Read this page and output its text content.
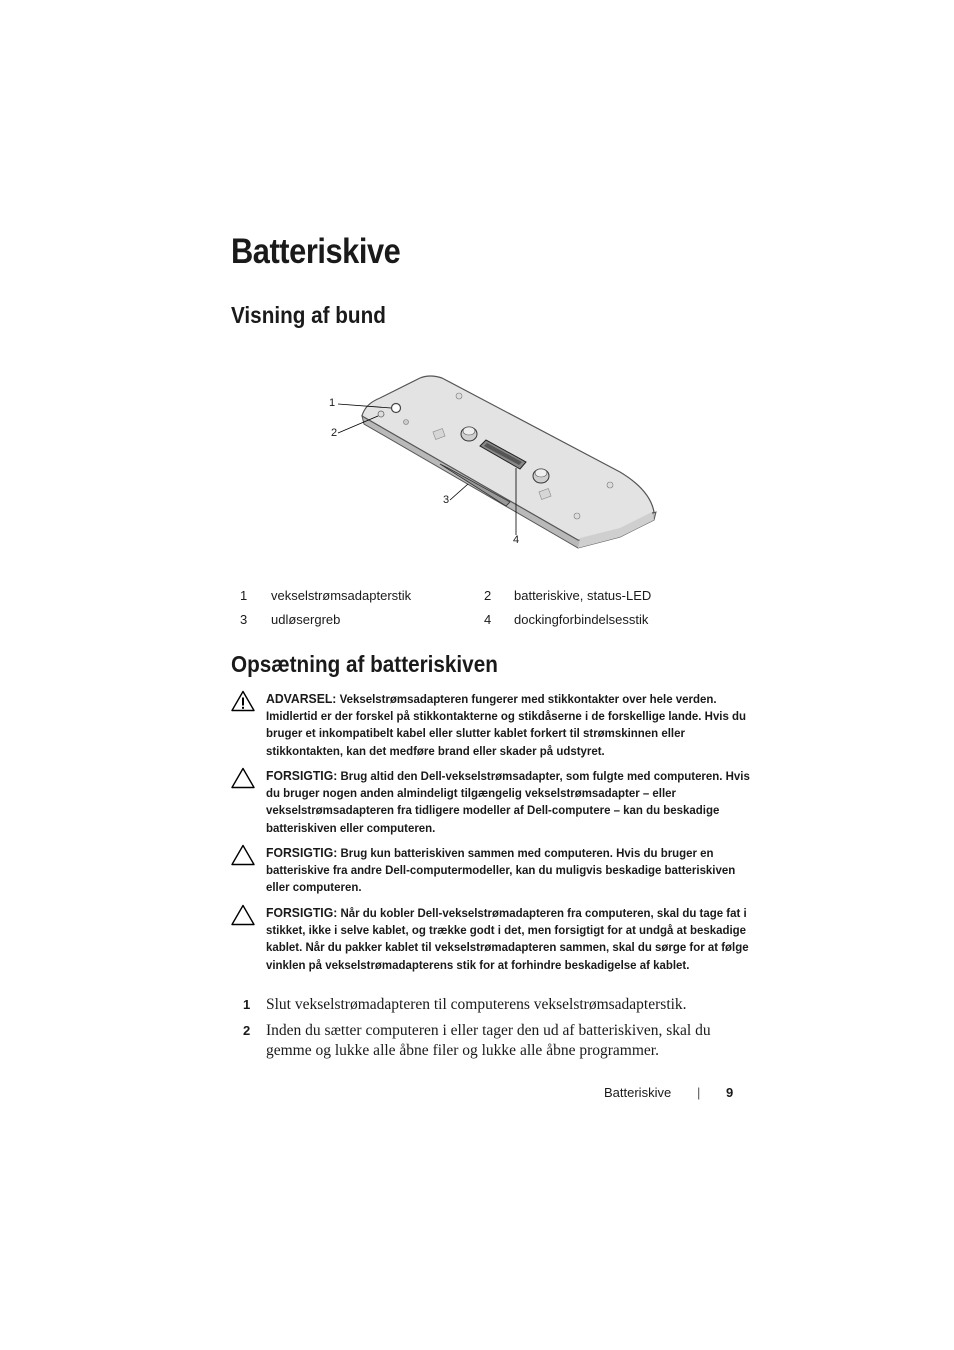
Batteriskive
Visning af bund
1
2
3
4
1 vekselstrømsadapterstik	2 batteriskive, status-LED
3 udløsergreb	4 dockingforbindelsesstik
Opsætning af batteriskiven
ADVARSEL: Vekselstrømsadapteren fungerer med stikkontakter over hele verden. Imidlertid er der forskel på stikkontakterne og stikdåserne i de forskellige lande. Hvis du bruger et inkompatibelt kabel eller slutter kablet forkert til strømskinnen eller stikkontakten, kan det medføre brand eller skader på udstyret.
FORSIGTIG: Brug altid den Dell-vekselstrømsadapter, som fulgte med computeren. Hvis du bruger nogen anden almindeligt tilgængelig vekselstrømsadapter – eller vekselstrømsadapteren fra tidligere modeller af Dell-computere – kan du beskadige batteriskiven eller computeren.
FORSIGTIG: Brug kun batteriskiven sammen med computeren. Hvis du bruger en batteriskive fra andre Dell-computermodeller, kan du muligvis beskadige batteriskiven eller computeren.
FORSIGTIG: Når du kobler Dell-vekselstrømadapteren fra computeren, skal du tage fat i stikket, ikke i selve kablet, og trække godt i det, men forsigtigt for at undgå at beskadige kablet. Når du pakker kablet til vekselstrømadapteren sammen, skal du sørge for at følge vinklen på vekselstrømadapterens stik for at forhindre beskadigelse af kablet.
1 Slut vekselstrømadapteren til computerens vekselstrømsadapterstik.
2 Inden du sætter computeren i eller tager den ud af batteriskiven, skal du gemme og lukke alle åbne filer og lukke alle åbne programmer.
Batteriskive | 9
